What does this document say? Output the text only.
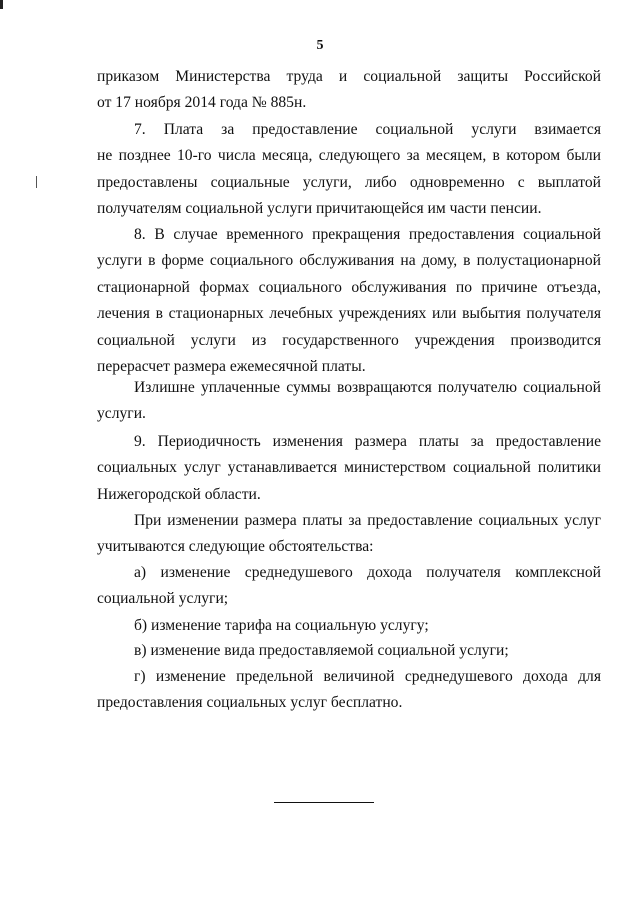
5
приказом Министерства труда и социальной защиты Российской
от 17 ноября 2014 года № 885н.
7. Плата за предоставление социальной услуги взимается
не позднее 10-го числа месяца, следующего за месяцем, в котором были
предоставлены социальные услуги, либо одновременно с выплатой
получателям социальной услуги причитающейся им части пенсии.
8. В случае временного прекращения предоставления социальной
услуги в форме социального обслуживания на дому, в полустационарной
стационарной формах социального обслуживания по причине отъезда,
лечения в стационарных лечебных учреждениях или выбытия получателя
социальной услуги из государственного учреждения производится
перерасчет размера ежемесячной платы.
Излишне уплаченные суммы возвращаются получателю социальной
услуги.
9. Периодичность изменения размера платы за предоставление
социальных услуг устанавливается министерством социальной политики
Нижегородской области.
При изменении размера платы за предоставление социальных услуг
учитываются следующие обстоятельства:
а) изменение среднедушевого дохода получателя комплексной
социальной услуги;
б) изменение тарифа на социальную услугу;
в) изменение вида предоставляемой социальной услуги;
г) изменение предельной величиной среднедушевого дохода для
предоставления социальных услуг бесплатно.
